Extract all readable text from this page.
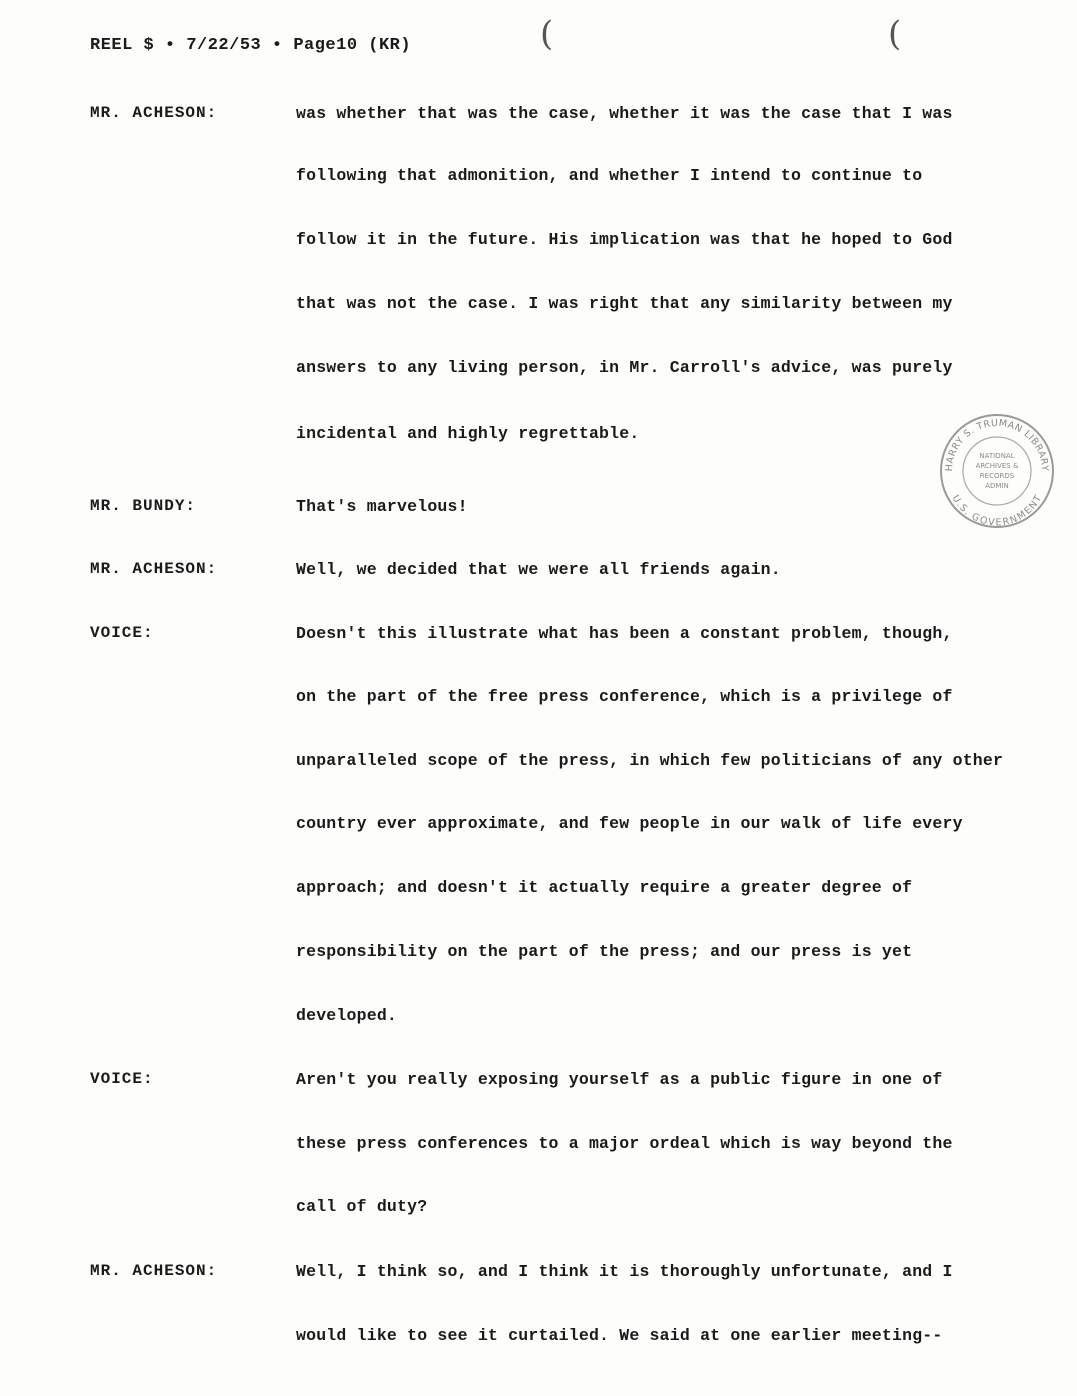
REEL $ • 7/22/53 • Page10 (KR)	(	(
MR. ACHESON:	was whether that was the case, whether it was the case that I was
following that admonition, and whether I intend to continue to
follow it in the future. His implication was that he hoped to God
that was not the case. I was right that any similarity between my
answers to any living person, in Mr. Carroll's advice, was purely
incidental and highly regrettable.
MR. BUNDY:	That's marvelous!
MR. ACHESON:	Well, we decided that we were all friends again.
VOICE:	Doesn't this illustrate what has been a constant problem, though,
on the part of the free press conference, which is a privilege of
unparalleled scope of the press, in which few politicians of any other
country ever approximate, and few people in our walk of life every
approach; and doesn't it actually require a greater degree of
responsibility on the part of the press; and our press is yet
developed.
VOICE:	Aren't you really exposing yourself as a public figure in one of
these press conferences to a major ordeal which is way beyond the
call of duty?
MR. ACHESON:	Well, I think so, and I think it is thoroughly unfortunate, and I
would like to see it curtailed. We said at one earlier meeting--
HARRY S. TRUMAN LIBRARY
U.S. GOVERNMENT
NATIONAL
ARCHIVES &
RECORDS
ADMIN
